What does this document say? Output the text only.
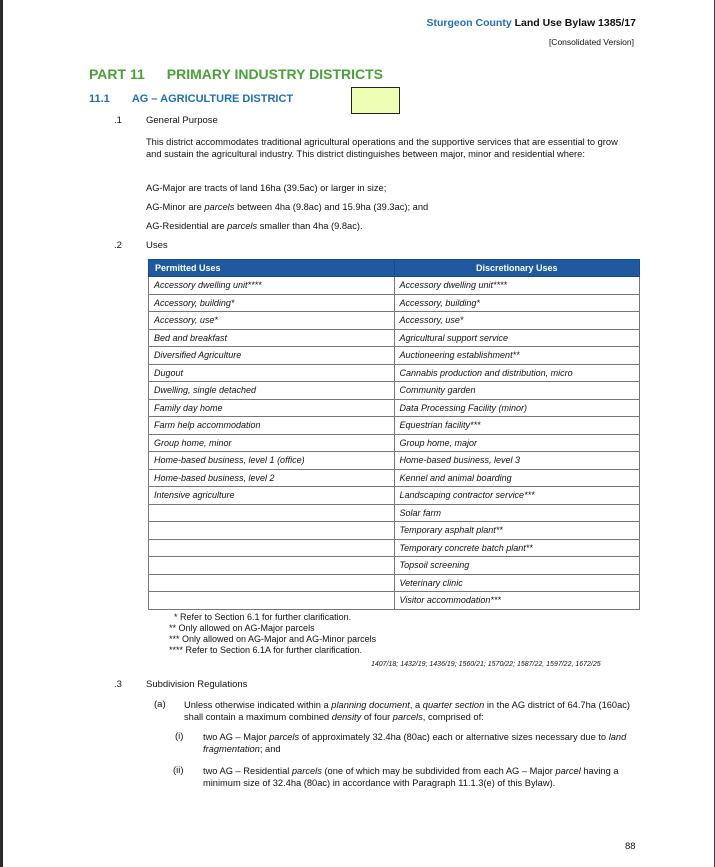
Sturgeon County Land Use Bylaw 1385/17
[Consolidated Version]
PART 11 PRIMARY INDUSTRY DISTRICTS
11.1 AG – AGRICULTURE DISTRICT
.1	General Purpose
This district accommodates traditional agricultural operations and the supportive services that are essential to grow and sustain the agricultural industry. This district distinguishes between major, minor and residential where:
AG-Major are tracts of land 16ha (39.5ac) or larger in size;
AG-Minor are parcels between 4ha (9.8ac) and 15.9ha (39.3ac); and
AG-Residential are parcels smaller than 4ha (9.8ac).
.2	Uses
Permitted Uses	Discretionary Uses
Accessory dwelling unit****	Accessory dwelling unit****
Accessory, building*	Accessory, building*
Accessory, use*	Accessory, use*
Bed and breakfast	Agricultural support service
Diversified Agriculture	Auctioneering establishment**
Dugout	Cannabis production and distribution, micro
Dwelling, single detached	Community garden
Family day home	Data Processing Facility (minor)
Farm help accommodation	Equestrian facility***
Group home, minor	Group home, major
Home-based business, level 1 (office)	Home-based business, level 3
Home-based business, level 2	Kennel and animal boarding
Intensive agriculture	Landscaping contractor service***
	Solar farm
	Temporary asphalt plant**
	Temporary concrete batch plant**
	Topsoil screening
	Veterinary clinic
	Visitor accommodation***
* Refer to Section 6.1 for further clarification.
** Only allowed on AG-Major parcels
*** Only allowed on AG-Major and AG-Minor parcels
**** Refer to Section 6.1A for further clarification.
1407/18; 1432/19; 1436/19; 1560/21; 1570/22; 1587/22, 1597/22, 1672/25
.3	Subdivision Regulations
(a) Unless otherwise indicated within a planning document, a quarter section in the AG district of 64.7ha (160ac) shall contain a maximum combined density of four parcels, comprised of:
(i) two AG – Major parcels of approximately 32.4ha (80ac) each or alternative sizes necessary due to land fragmentation; and
(ii) two AG – Residential parcels (one of which may be subdivided from each AG – Major parcel having a minimum size of 32.4ha (80ac) in accordance with Paragraph 11.1.3(e) of this Bylaw).
88
